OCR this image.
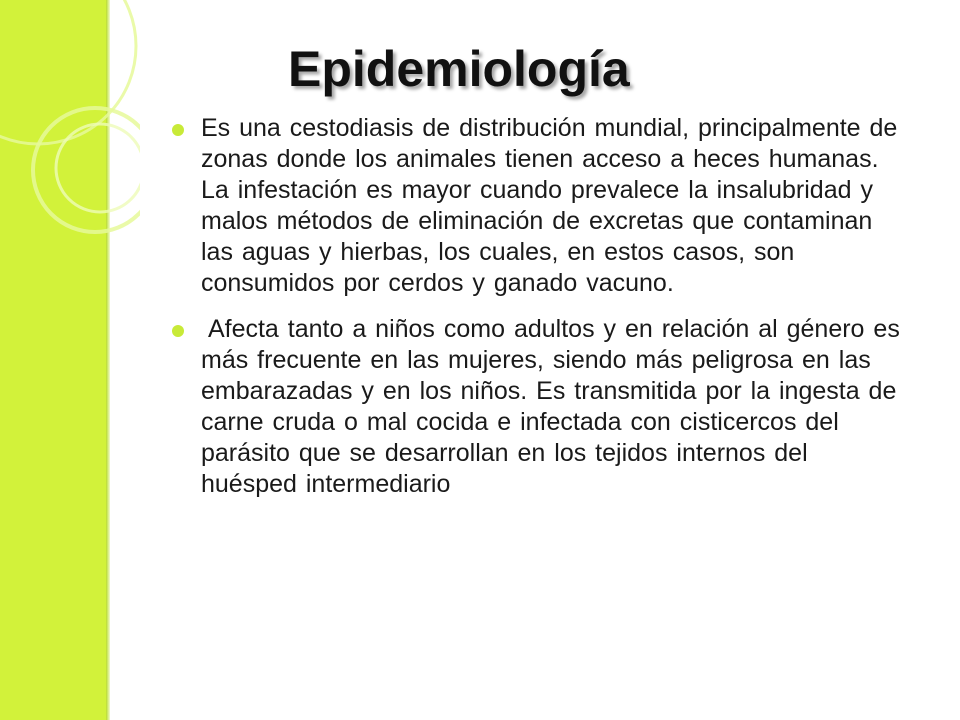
Epidemiología
Es una cestodiasis de distribución mundial, principalmente de zonas donde los animales tienen acceso a heces humanas. La infestación es mayor cuando prevalece la insalubridad y malos métodos de eliminación de excretas que contaminan las aguas y hierbas, los cuales, en estos casos, son consumidos por cerdos y ganado vacuno.
Afecta tanto a niños como adultos y en relación al género es más frecuente en las mujeres, siendo más peligrosa en las embarazadas y en los niños. Es transmitida por la ingesta de carne cruda o mal cocida e infectada con cisticercos del parásito que se desarrollan en los tejidos internos del huésped intermediario
